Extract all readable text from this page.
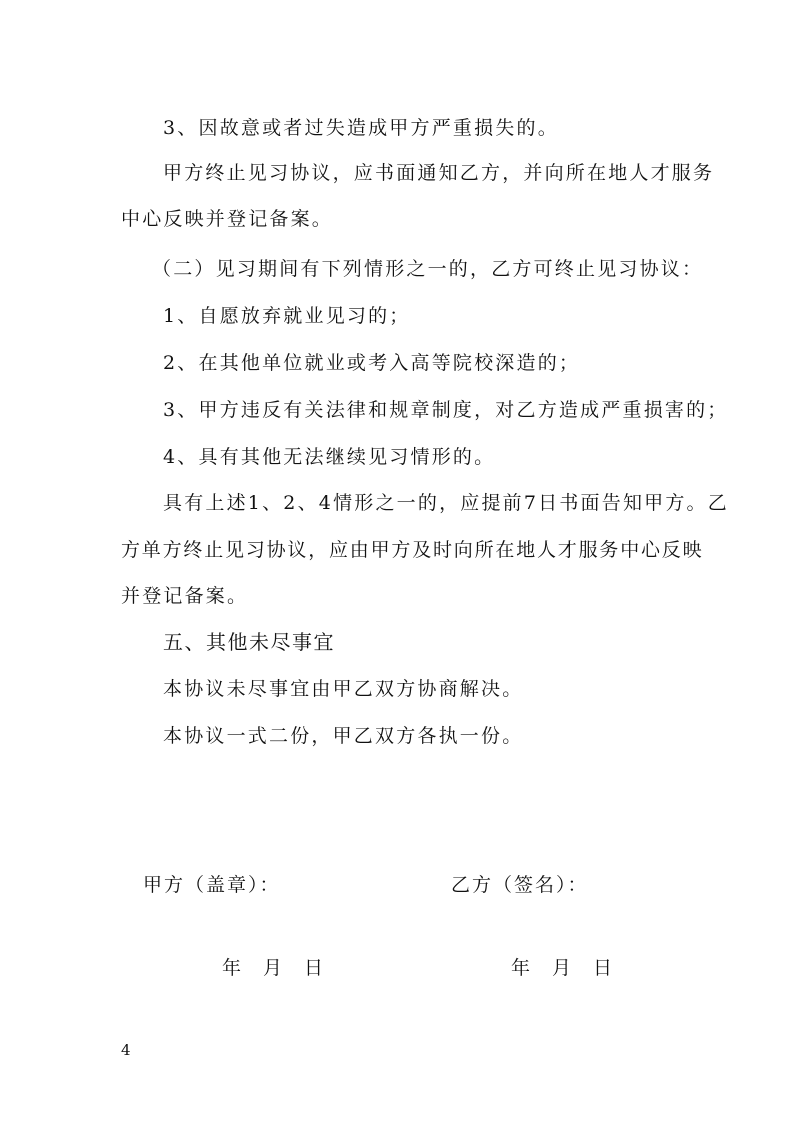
3、因故意或者过失造成甲方严重损失的。
甲方终止见习协议，应书面通知乙方，并向所在地人才服务
中心反映并登记备案。
（二）见习期间有下列情形之一的，乙方可终止见习协议：
1、自愿放弃就业见习的；
2、在其他单位就业或考入高等院校深造的；
3、甲方违反有关法律和规章制度，对乙方造成严重损害的；
4、具有其他无法继续见习情形的。
具有上述1、2、4情形之一的，应提前7日书面告知甲方。乙
方单方终止见习协议，应由甲方及时向所在地人才服务中心反映
并登记备案。
五、其他未尽事宜
本协议未尽事宜由甲乙双方协商解决。
本协议一式二份，甲乙双方各执一份。
甲方（盖章）：	乙方（签名）：
年 月 日	年 月 日
4
